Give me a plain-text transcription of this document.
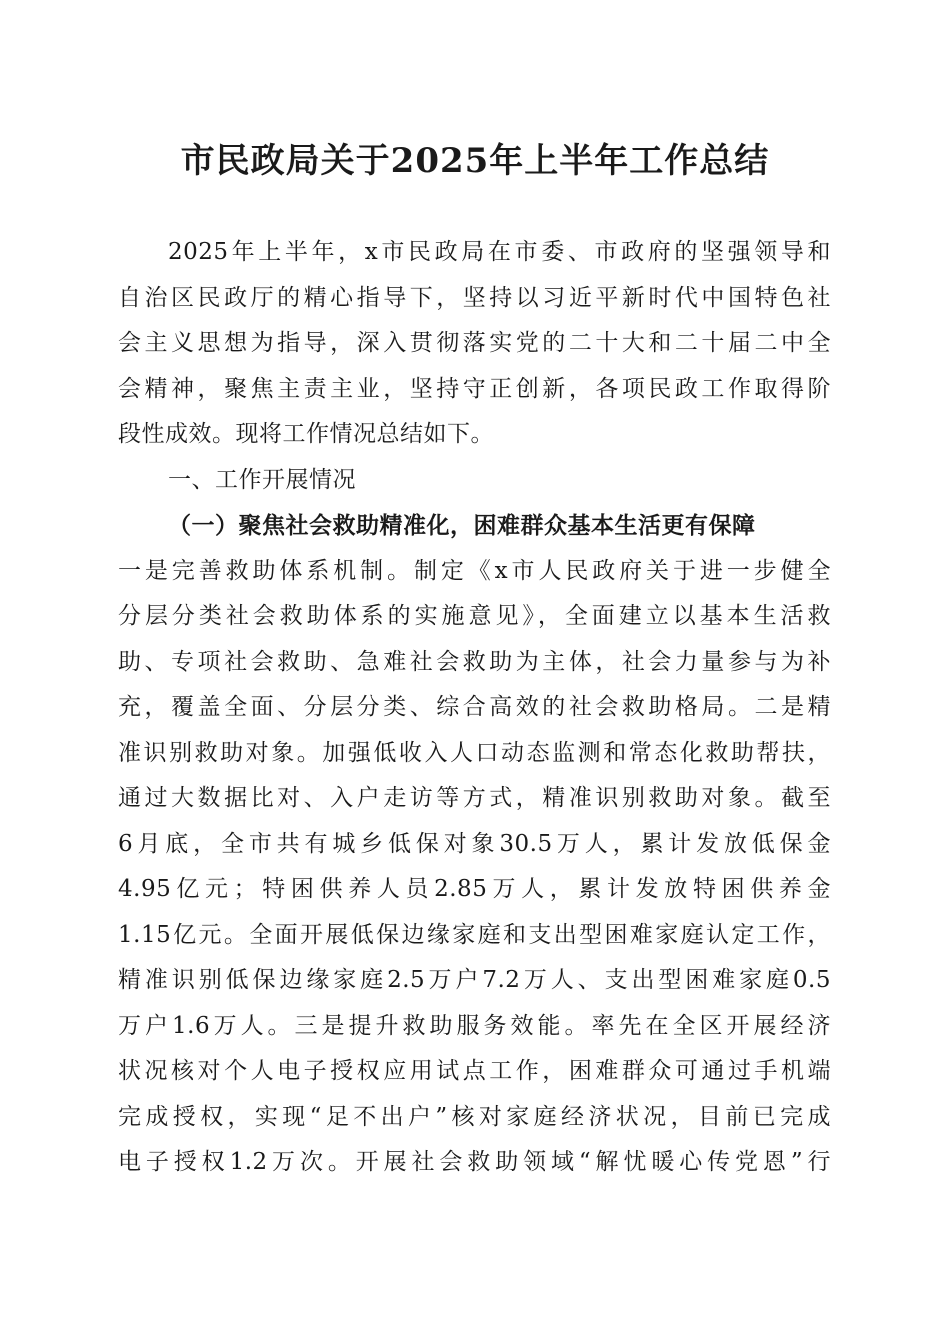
市民政局关于2025年上半年工作总结
2025年上半年，x市民政局在市委、市政府的坚强领导和
自治区民政厅的精心指导下，坚持以习近平新时代中国特色社
会主义思想为指导，深入贯彻落实党的二十大和二十届二中全
会精神，聚焦主责主业，坚持守正创新，各项民政工作取得阶
段性成效。现将工作情况总结如下。
一、工作开展情况
（一）聚焦社会救助精准化，困难群众基本生活更有保障
一是完善救助体系机制。制定《x市人民政府关于进一步健全
分层分类社会救助体系的实施意见》，全面建立以基本生活救
助、专项社会救助、急难社会救助为主体，社会力量参与为补
充，覆盖全面、分层分类、综合高效的社会救助格局。二是精
准识别救助对象。加强低收入人口动态监测和常态化救助帮扶，
通过大数据比对、入户走访等方式，精准识别救助对象。截至
6月底，全市共有城乡低保对象30.5万人，累计发放低保金
4.95亿元；特困供养人员2.85万人，累计发放特困供养金
1.15亿元。全面开展低保边缘家庭和支出型困难家庭认定工作，
精准识别低保边缘家庭2.5万户7.2万人、支出型困难家庭0.5
万户1.6万人。三是提升救助服务效能。率先在全区开展经济
状况核对个人电子授权应用试点工作，困难群众可通过手机端
完成授权，实现“足不出户”核对家庭经济状况，目前已完成
电子授权1.2万次。开展社会救助领域“解忧暖心传党恩”行
